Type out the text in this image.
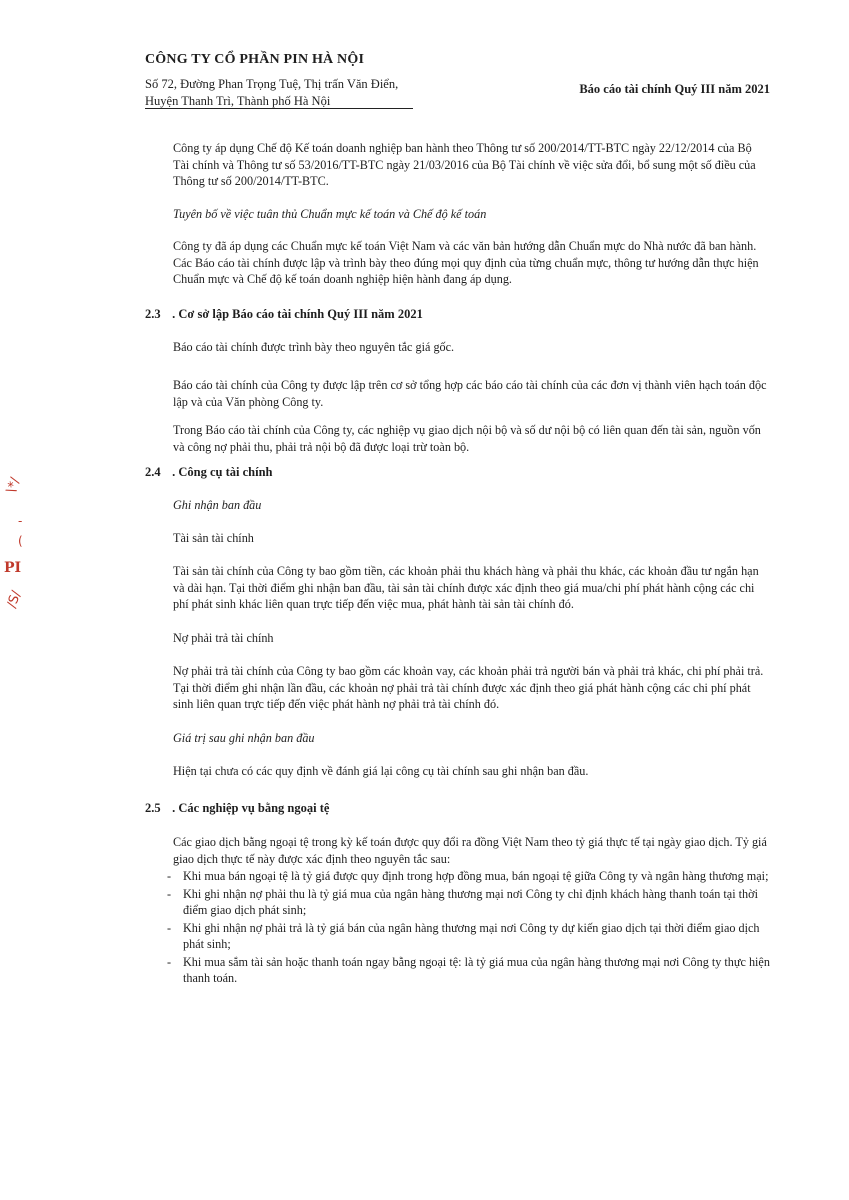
CÔNG TY CỔ PHẦN PIN HÀ NỘI

Số 72, Đường Phan Trọng Tuệ, Thị trấn Văn Điển,
Huyện Thanh Trì, Thành phố Hà Nội
Báo cáo tài chính Quý III năm 2021

Công ty áp dụng Chế độ Kế toán doanh nghiệp ban hành theo Thông tư số 200/2014/TT-BTC ngày 22/12/2014 của Bộ Tài chính và Thông tư số 53/2016/TT-BTC ngày 21/03/2016 của Bộ Tài chính về việc sửa đổi, bổ sung một số điều của Thông tư số 200/2014/TT-BTC.

Tuyên bố về việc tuân thủ Chuẩn mực kế toán và Chế độ kế toán

Công ty đã áp dụng các Chuẩn mực kế toán Việt Nam và các văn bản hướng dẫn Chuẩn mực do Nhà nước đã ban hành. Các Báo cáo tài chính được lập và trình bày theo đúng mọi quy định của từng chuẩn mực, thông tư hướng dẫn thực hiện Chuẩn mực và Chế độ kế toán doanh nghiệp hiện hành đang áp dụng.

2.3 . Cơ sở lập Báo cáo tài chính Quý III năm 2021

Báo cáo tài chính được trình bày theo nguyên tắc giá gốc.

Báo cáo tài chính của Công ty được lập trên cơ sở tổng hợp các báo cáo tài chính của các đơn vị thành viên hạch toán độc lập và của Văn phòng Công ty.

Trong Báo cáo tài chính của Công ty, các nghiệp vụ giao dịch nội bộ và số dư nội bộ có liên quan đến tài sản, nguồn vốn và công nợ phải thu, phải trả nội bộ đã được loại trừ toàn bộ.

2.4 . Công cụ tài chính

Ghi nhận ban đầu

Tài sản tài chính

Tài sản tài chính của Công ty bao gồm tiền, các khoản phải thu khách hàng và phải thu khác, các khoản đầu tư ngắn hạn và dài hạn. Tại thời điểm ghi nhận ban đầu, tài sản tài chính được xác định theo giá mua/chi phí phát hành cộng các chi phí phát sinh khác liên quan trực tiếp đến việc mua, phát hành tài sản tài chính đó.

Nợ phải trả tài chính

Nợ phải trả tài chính của Công ty bao gồm các khoản vay, các khoản phải trả người bán và phải trả khác, chi phí phải trả. Tại thời điểm ghi nhận lần đầu, các khoản nợ phải trả tài chính được xác định theo giá phát hành cộng các chi phí phát sinh liên quan trực tiếp đến việc phát hành nợ phải trả tài chính đó.

Giá trị sau ghi nhận ban đầu

Hiện tại chưa có các quy định về đánh giá lại công cụ tài chính sau ghi nhận ban đầu.

2.5 . Các nghiệp vụ bằng ngoại tệ

Các giao dịch bằng ngoại tệ trong kỳ kế toán được quy đổi ra đồng Việt Nam theo tỷ giá thực tế tại ngày giao dịch. Tỷ giá giao dịch thực tế này được xác định theo nguyên tắc sau:

- Khi mua bán ngoại tệ là tỷ giá được quy định trong hợp đồng mua, bán ngoại tệ giữa Công ty và ngân hàng thương mại;
- Khi ghi nhận nợ phải thu là tỷ giá mua của ngân hàng thương mại nơi Công ty chỉ định khách hàng thanh toán tại thời điểm giao dịch phát sinh;
- Khi ghi nhận nợ phải trả là tỷ giá bán của ngân hàng thương mại nơi Công ty dự kiến giao dịch tại thời điểm giao dịch phát sinh;
- Khi mua sắm tài sản hoặc thanh toán ngay bằng ngoại tệ: là tỷ giá mua của ngân hàng thương mại nơi Công ty thực hiện thanh toán.
\*/
-
(
PI
/S/
